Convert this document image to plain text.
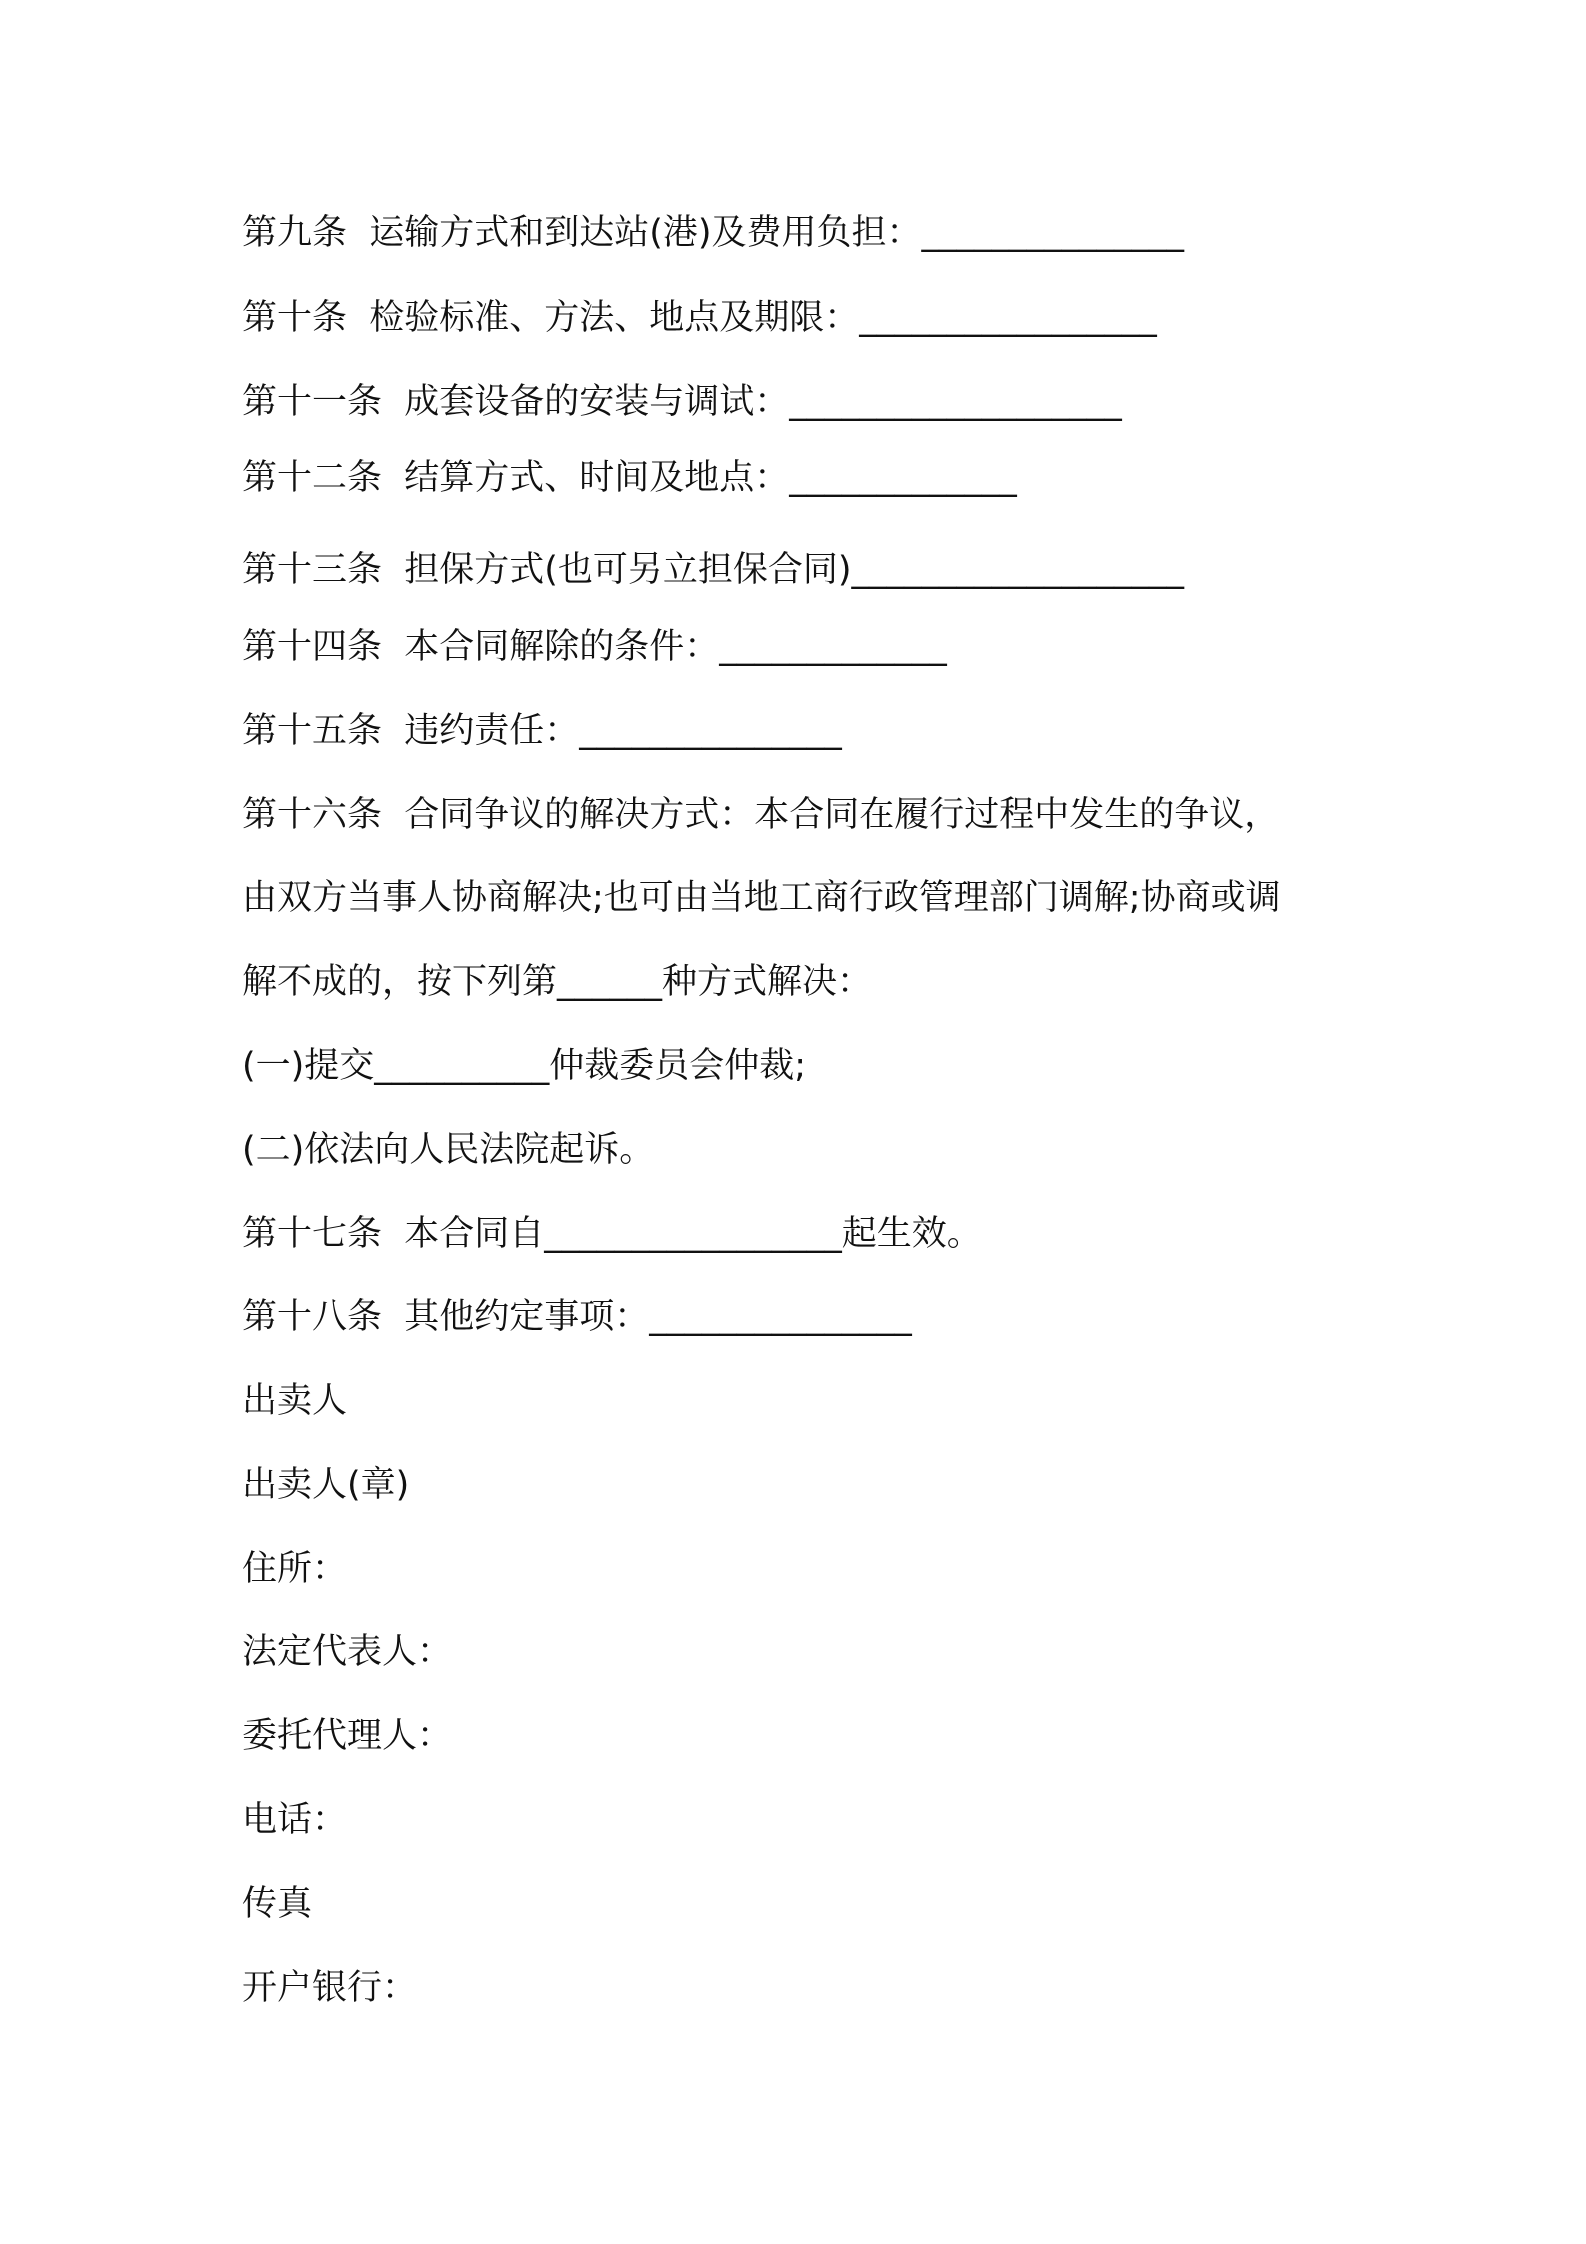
第九条  运输方式和到达站(港)及费用负担：_______________
第十条  检验标准、方法、地点及期限：_________________
第十一条  成套设备的安装与调试：___________________
第十二条  结算方式、时间及地点：_____________
第十三条  担保方式(也可另立担保合同)___________________
第十四条  本合同解除的条件：_____________
第十五条  违约责任：_______________
第十六条  合同争议的解决方式：本合同在履行过程中发生的争议，
由双方当事人协商解决;也可由当地工商行政管理部门调解;协商或调
解不成的，按下列第______种方式解决：
(一)提交__________仲裁委员会仲裁;
(二)依法向人民法院起诉。
第十七条  本合同自_________________起生效。
第十八条  其他约定事项：_______________
出卖人
出卖人(章)
住所：
法定代表人：
委托代理人：
电话：
传真
开户银行：
